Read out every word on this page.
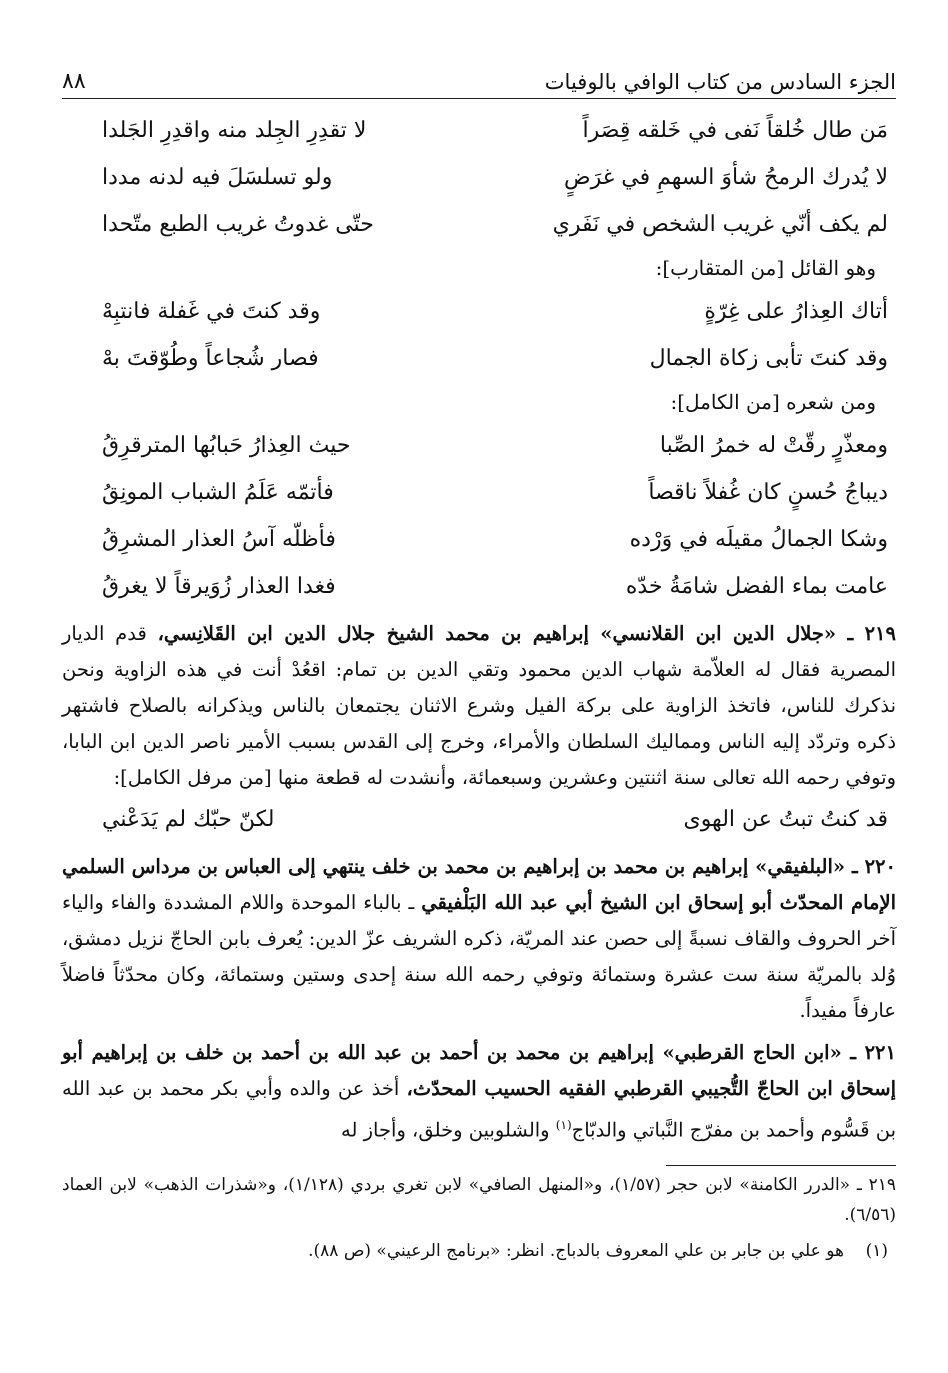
الجزء السادس من كتاب الوافي بالوفيات
٨٨
مَن طال خُلقاً نَفى في خَلقه قِصَراً
لا تقدِرِ الجِلد منه واقدِرِ الجَلدا
لا يُدرك الرمحُ شأوَ السهمِ في غرَضٍ
ولو تسلسَلَ فيه لدنه مددا
لم يكف أنّي غريب الشخص في نَفَري
حتّى غدوتُ غريب الطبع متّحدا
وهو القائل [من المتقارب]:
أتاك العِذارُ على غِرّةٍ
وقد كنتَ في غَفلة فانتبِهْ
وقد كنتَ تأبى زكاة الجمال
فصار شُجاعاً وطُوّقتَ بهْ
ومن شعره [من الكامل]:
ومعذّرٍ رقّتْ له خمرُ الصِّبا
حيث العِذارُ حَبابُها المترقرِقُ
ديباجُ حُسنٍ كان غُفلاً ناقصاً
فأتمّه عَلَمُ الشباب المونِقُ
وشكا الجمالُ مقيلَه في وَرْده
فأظلّه آسُ العذار المشرِقُ
عامت بماء الفضل شامَةُ خدّه
فغدا العذار زُوَيرقاً لا يغرقُ
٢١٩ ـ «جلال الدين ابن القلانسي» إبراهيم بن محمد الشيخ جلال الدين ابن القَلانِسي، قدم الديار المصرية فقال له العلاّمة شهاب الدين محمود وتقي الدين بن تمام: اقعُدْ أنت في هذه الزاوية ونحن نذكرك للناس، فاتخذ الزاوية على بركة الفيل وشرع الاثنان يجتمعان بالناس ويذكرانه بالصلاح فاشتهر ذكره وتردّد إليه الناس ومماليك السلطان والأمراء، وخرج إلى القدس بسبب الأمير ناصر الدين ابن البابا، وتوفي رحمه الله تعالى سنة اثنتين وعشرين وسبعمائة، وأنشدت له قطعة منها [من مرفل الكامل]:
قد كنتُ تبتُ عن الهوى
لكنّ حبّك لم يَدَعْني
٢٢٠ ـ «البلفيقي» إبراهيم بن محمد بن إبراهيم بن محمد بن خلف ينتهي إلى العباس بن مرداس السلمي الإمام المحدّث أبو إسحاق ابن الشيخ أبي عبد الله البَلْفيقي ـ بالباء الموحدة واللام المشددة والفاء والياء آخر الحروف والقاف نسبةً إلى حصن عند المريّة، ذكره الشريف عزّ الدين: يُعرف بابن الحاجّ نزيل دمشق، وُلد بالمريّة سنة ست عشرة وستمائة وتوفي رحمه الله سنة إحدى وستين وستمائة، وكان محدّثاً فاضلاً عارفاً مفيداً.
٢٢١ ـ «ابن الحاج القرطبي» إبراهيم بن محمد بن أحمد بن عبد الله بن أحمد بن خلف بن إبراهيم أبو إسحاق ابن الحاجّ التُّجيبي القرطبي الفقيه الحسيب المحدّث، أخذ عن والده وأبي بكر محمد بن عبد الله بن قَسُّوم وأحمد بن مفرّج النَّباتي والدبّاج$^{(١)}$ والشلوبين وخلق، وأجاز له
٢١٩ ـ «الدرر الكامنة» لابن حجر (١/٥٧)، و«المنهل الصافي» لابن تغري بردي (١/١٢٨)، و«شذرات الذهب» لابن العماد (٦/٥٦).
(١)    هو علي بن جابر بن علي المعروف بالدباج. انظر: «برنامج الرعيني» (ص ٨٨).
